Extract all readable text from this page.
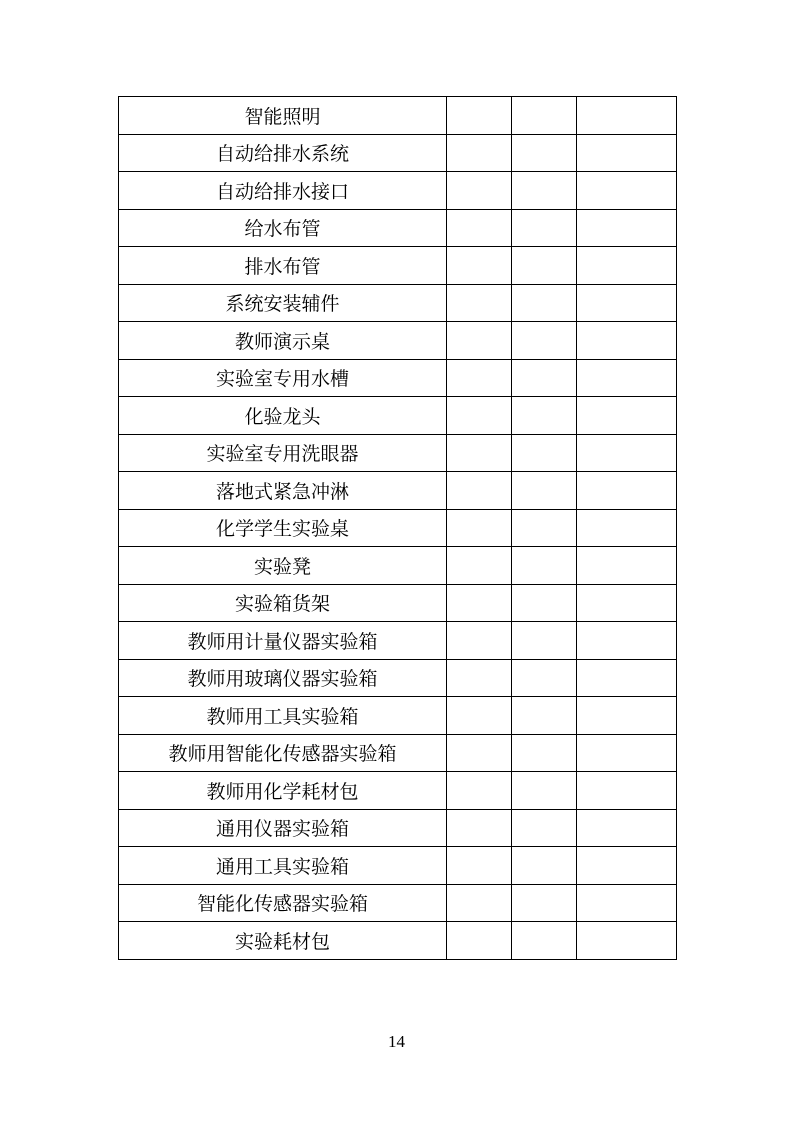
智能照明			
自动给排水系统			
自动给排水接口			
给水布管			
排水布管			
系统安装辅件			
教师演示桌			
实验室专用水槽			
化验龙头			
实验室专用洗眼器			
落地式紧急冲淋			
化学学生实验桌			
实验凳			
实验箱货架			
教师用计量仪器实验箱			
教师用玻璃仪器实验箱			
教师用工具实验箱			
教师用智能化传感器实验箱			
教师用化学耗材包			
通用仪器实验箱			
通用工具实验箱			
智能化传感器实验箱			
实验耗材包			
14
